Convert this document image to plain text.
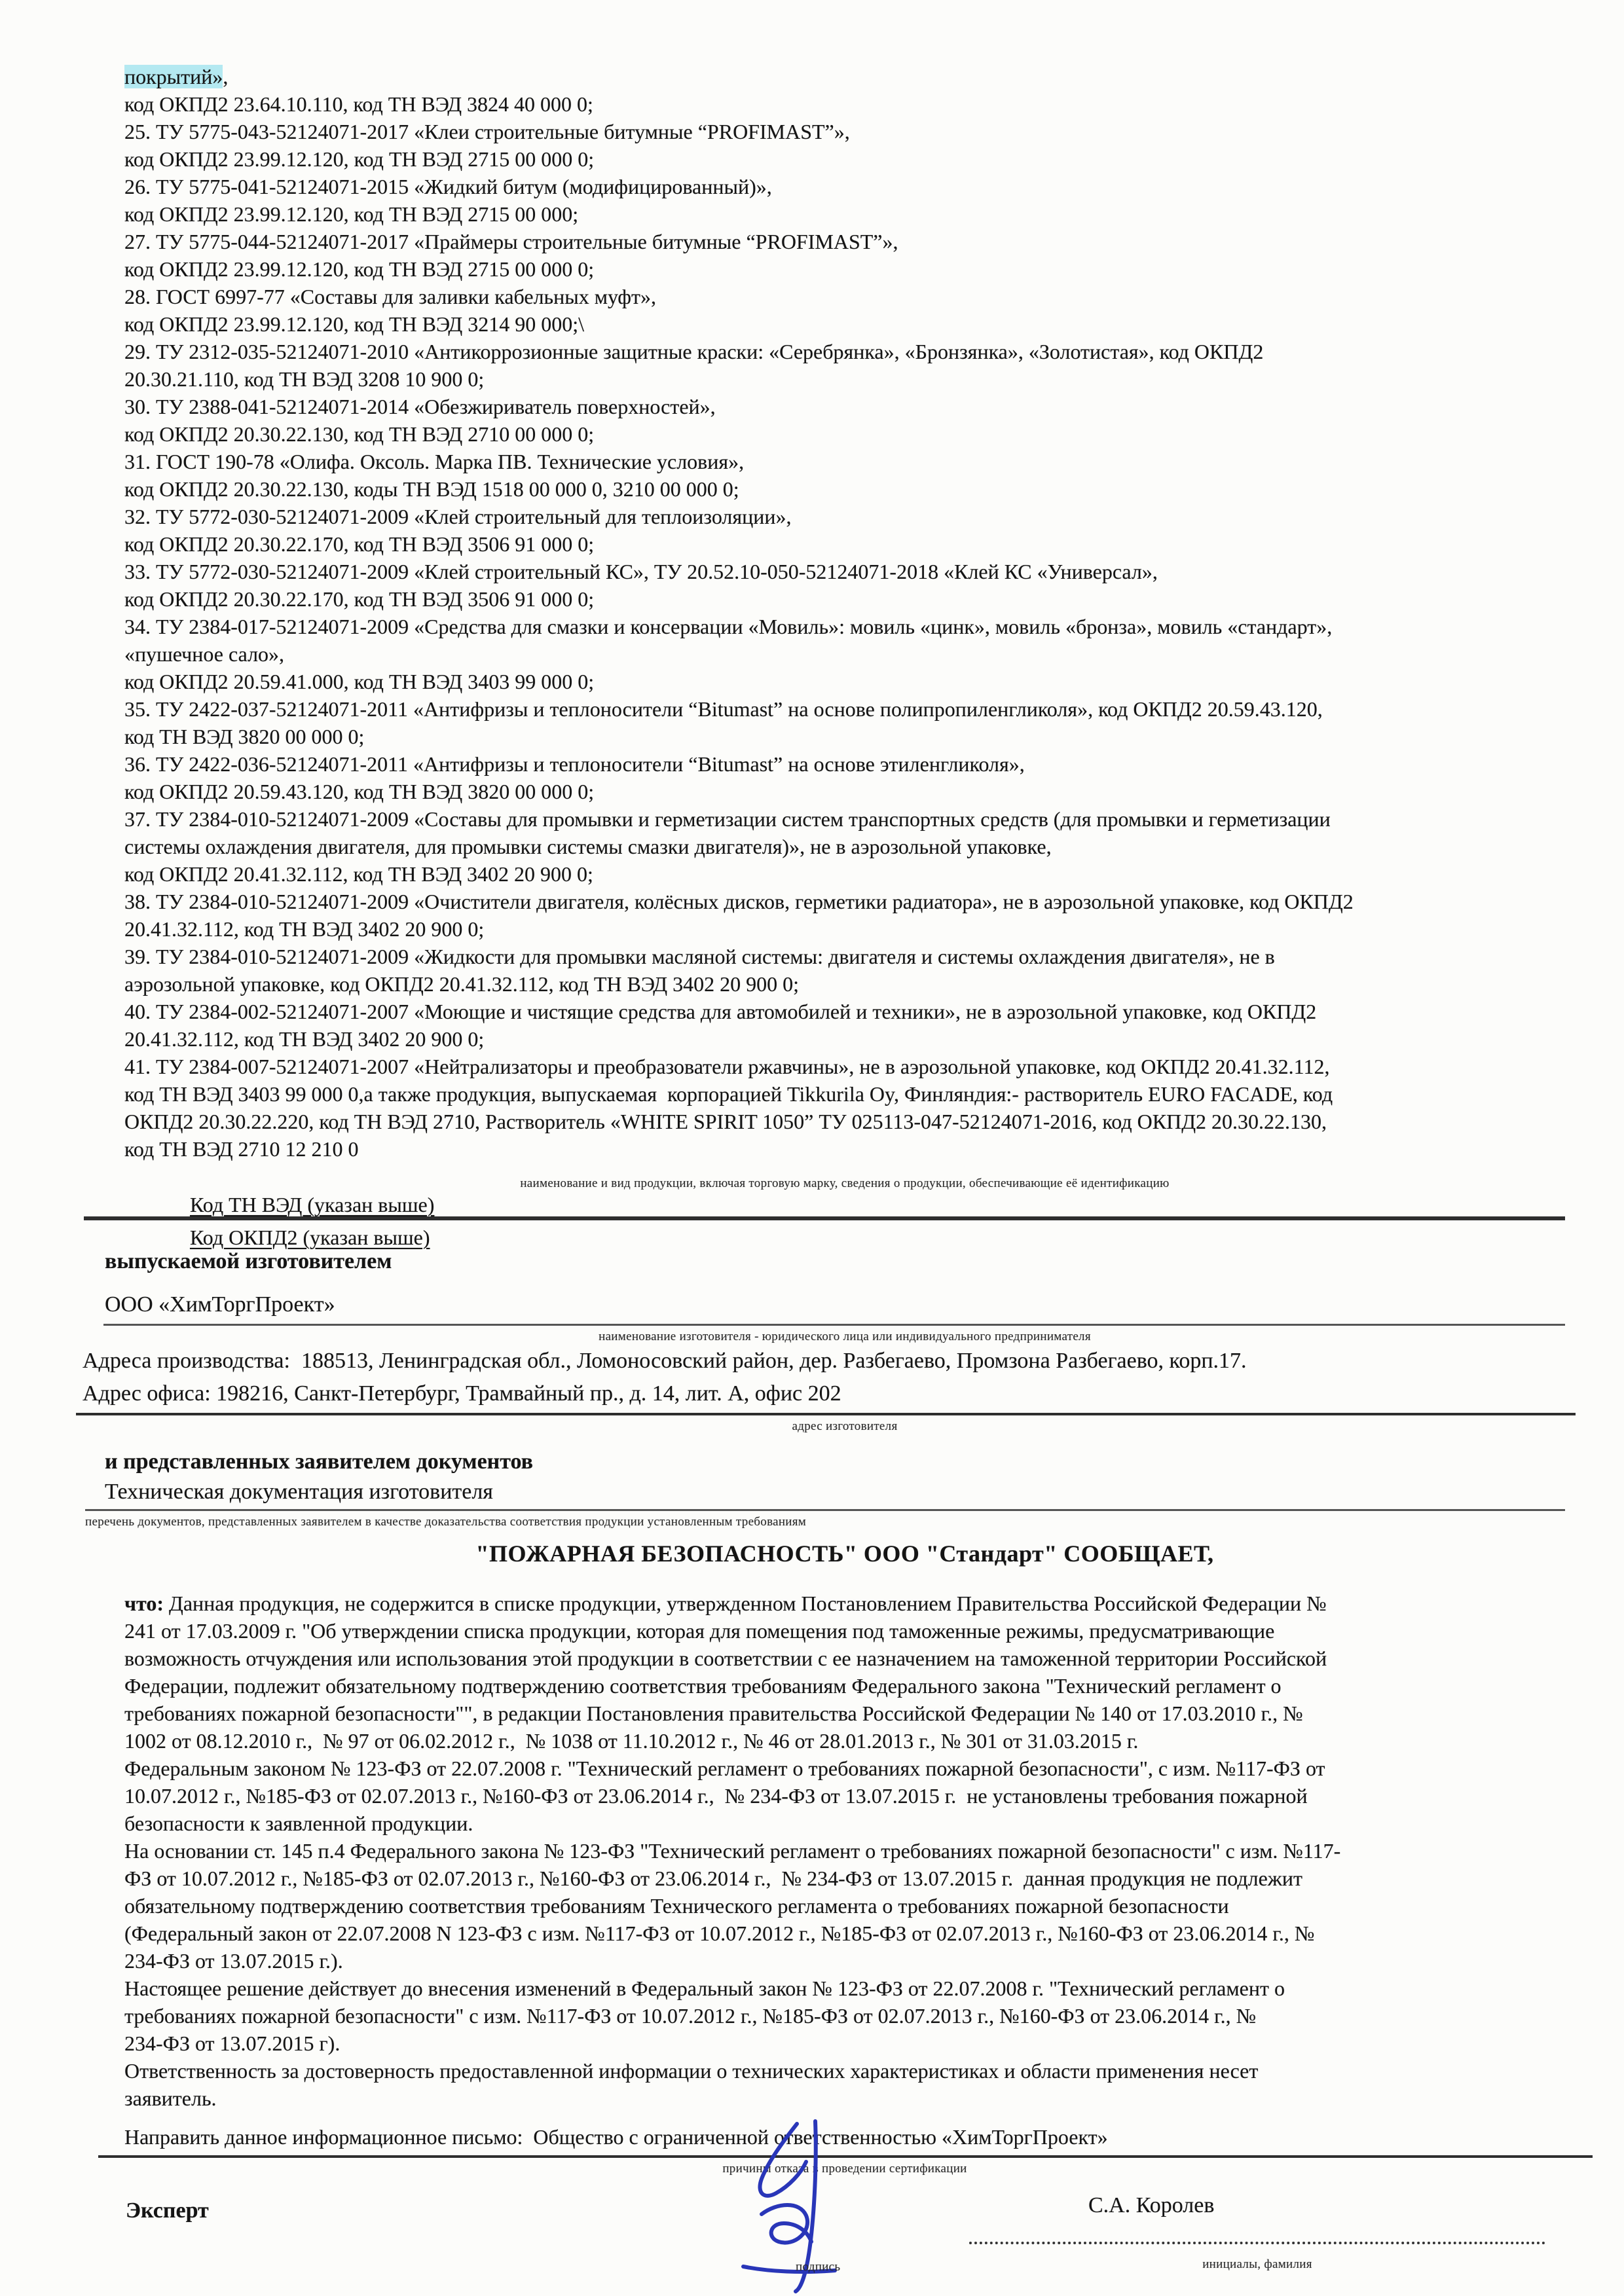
покрытий»,
код ОКПД2 23.64.10.110, код ТН ВЭД 3824 40 000 0;
25. ТУ 5775-043-52124071-2017 «Клеи строительные битумные “PROFIMAST”»,
код ОКПД2 23.99.12.120, код ТН ВЭД 2715 00 000 0;
26. ТУ 5775-041-52124071-2015 «Жидкий битум (модифицированный)»,
код ОКПД2 23.99.12.120, код ТН ВЭД 2715 00 000;
27. ТУ 5775-044-52124071-2017 «Праймеры строительные битумные “PROFIMAST”»,
код ОКПД2 23.99.12.120, код ТН ВЭД 2715 00 000 0;
28. ГОСТ 6997-77 «Составы для заливки кабельных муфт»,
код ОКПД2 23.99.12.120, код ТН ВЭД 3214 90 000;\
29. ТУ 2312-035-52124071-2010 «Антикоррозионные защитные краски: «Серебрянка», «Бронзянка», «Золотистая», код ОКПД2
20.30.21.110, код ТН ВЭД 3208 10 900 0;
30. ТУ 2388-041-52124071-2014 «Обезжириватель поверхностей»,
код ОКПД2 20.30.22.130, код ТН ВЭД 2710 00 000 0;
31. ГОСТ 190-78 «Олифа. Оксоль. Марка ПВ. Технические условия»,
код ОКПД2 20.30.22.130, коды ТН ВЭД 1518 00 000 0, 3210 00 000 0;
32. ТУ 5772-030-52124071-2009 «Клей строительный для теплоизоляции»,
код ОКПД2 20.30.22.170, код ТН ВЭД 3506 91 000 0;
33. ТУ 5772-030-52124071-2009 «Клей строительный КС», ТУ 20.52.10-050-52124071-2018 «Клей КС «Универсал»,
код ОКПД2 20.30.22.170, код ТН ВЭД 3506 91 000 0;
34. ТУ 2384-017-52124071-2009 «Средства для смазки и консервации «Мовиль»: мовиль «цинк», мовиль «бронза», мовиль «стандарт»,
«пушечное сало»,
код ОКПД2 20.59.41.000, код ТН ВЭД 3403 99 000 0;
35. ТУ 2422-037-52124071-2011 «Антифризы и теплоносители “Bitumast” на основе полипропиленгликоля», код ОКПД2 20.59.43.120,
код ТН ВЭД 3820 00 000 0;
36. ТУ 2422-036-52124071-2011 «Антифризы и теплоносители “Bitumast” на основе этиленгликоля»,
код ОКПД2 20.59.43.120, код ТН ВЭД 3820 00 000 0;
37. ТУ 2384-010-52124071-2009 «Составы для промывки и герметизации систем транспортных средств (для промывки и герметизации
системы охлаждения двигателя, для промывки системы смазки двигателя)», не в аэрозольной упаковке,
код ОКПД2 20.41.32.112, код ТН ВЭД 3402 20 900 0;
38. ТУ 2384-010-52124071-2009 «Очистители двигателя, колёсных дисков, герметики радиатора», не в аэрозольной упаковке, код ОКПД2
20.41.32.112, код ТН ВЭД 3402 20 900 0;
39. ТУ 2384-010-52124071-2009 «Жидкости для промывки масляной системы: двигателя и системы охлаждения двигателя», не в
аэрозольной упаковке, код ОКПД2 20.41.32.112, код ТН ВЭД 3402 20 900 0;
40. ТУ 2384-002-52124071-2007 «Моющие и чистящие средства для автомобилей и техники», не в аэрозольной упаковке, код ОКПД2
20.41.32.112, код ТН ВЭД 3402 20 900 0;
41. ТУ 2384-007-52124071-2007 «Нейтрализаторы и преобразователи ржавчины», не в аэрозольной упаковке, код ОКПД2 20.41.32.112,
код ТН ВЭД 3403 99 000 0,а также продукция, выпускаемая  корпорацией Tikkurila Oy, Финляндия:- растворитель EURO FACADE, код
ОКПД2 20.30.22.220, код ТН ВЭД 2710, Растворитель «WHITE SPIRIT 1050” ТУ 025113-047-52124071-2016, код ОКПД2 20.30.22.130,
код ТН ВЭД 2710 12 210 0
наименование и вид продукции, включая торговую марку, сведения о продукции, обеспечивающие её идентификацию
Код ТН ВЭД (указан выше)
Код ОКПД2 (указан выше)
выпускаемой изготовителем
ООО «ХимТоргПроект»
наименование изготовителя - юридического лица или индивидуального предпринимателя
Адреса производства:  188513, Ленинградская обл., Ломоносовский район, дер. Разбегаево, Промзона Разбегаево, корп.17.
Адрес офиса: 198216, Санкт-Петербург, Трамвайный пр., д. 14, лит. А, офис 202
адрес изготовителя
и представленных заявителем документов
Техническая документация изготовителя
перечень документов, представленных заявителем в качестве доказательства соответствия продукции установленным требованиям
"ПОЖАРНАЯ БЕЗОПАСНОСТЬ" ООО "Стандарт" СООБЩАЕТ,
что: Данная продукция, не содержится в списке продукции, утвержденном Постановлением Правительства Российской Федерации №
241 от 17.03.2009 г. "Об утверждении списка продукции, которая для помещения под таможенные режимы, предусматривающие
возможность отчуждения или использования этой продукции в соответствии с ее назначением на таможенной территории Российской
Федерации, подлежит обязательному подтверждению соответствия требованиям Федерального закона "Технический регламент о
требованиях пожарной безопасности"", в редакции Постановления правительства Российской Федерации № 140 от 17.03.2010 г., №
1002 от 08.12.2010 г.,  № 97 от 06.02.2012 г.,  № 1038 от 11.10.2012 г., № 46 от 28.01.2013 г., № 301 от 31.03.2015 г.
Федеральным законом № 123-ФЗ от 22.07.2008 г. "Технический регламент о требованиях пожарной безопасности", с изм. №117-ФЗ от
10.07.2012 г., №185-ФЗ от 02.07.2013 г., №160-ФЗ от 23.06.2014 г.,  № 234-ФЗ от 13.07.2015 г.  не установлены требования пожарной
безопасности к заявленной продукции.
На основании ст. 145 п.4 Федерального закона № 123-ФЗ "Технический регламент о требованиях пожарной безопасности" с изм. №117-
ФЗ от 10.07.2012 г., №185-ФЗ от 02.07.2013 г., №160-ФЗ от 23.06.2014 г.,  № 234-ФЗ от 13.07.2015 г.  данная продукция не подлежит
обязательному подтверждению соответствия требованиям Технического регламента о требованиях пожарной безопасности
(Федеральный закон от 22.07.2008 N 123-ФЗ с изм. №117-ФЗ от 10.07.2012 г., №185-ФЗ от 02.07.2013 г., №160-ФЗ от 23.06.2014 г., №
234-ФЗ от 13.07.2015 г.).
Настоящее решение действует до внесения изменений в Федеральный закон № 123-ФЗ от 22.07.2008 г. "Технический регламент о
требованиях пожарной безопасности" с изм. №117-ФЗ от 10.07.2012 г., №185-ФЗ от 02.07.2013 г., №160-ФЗ от 23.06.2014 г., №
234-ФЗ от 13.07.2015 г).
Ответственность за достоверность предоставленной информации о технических характеристиках и области применения несет
заявитель.
Направить данное информационное письмо:  Общество с ограниченной ответственностью «ХимТоргПроект»
причины отказа в проведении сертификации
Эксперт
подпись
С.А. Королев
инициалы, фамилия
